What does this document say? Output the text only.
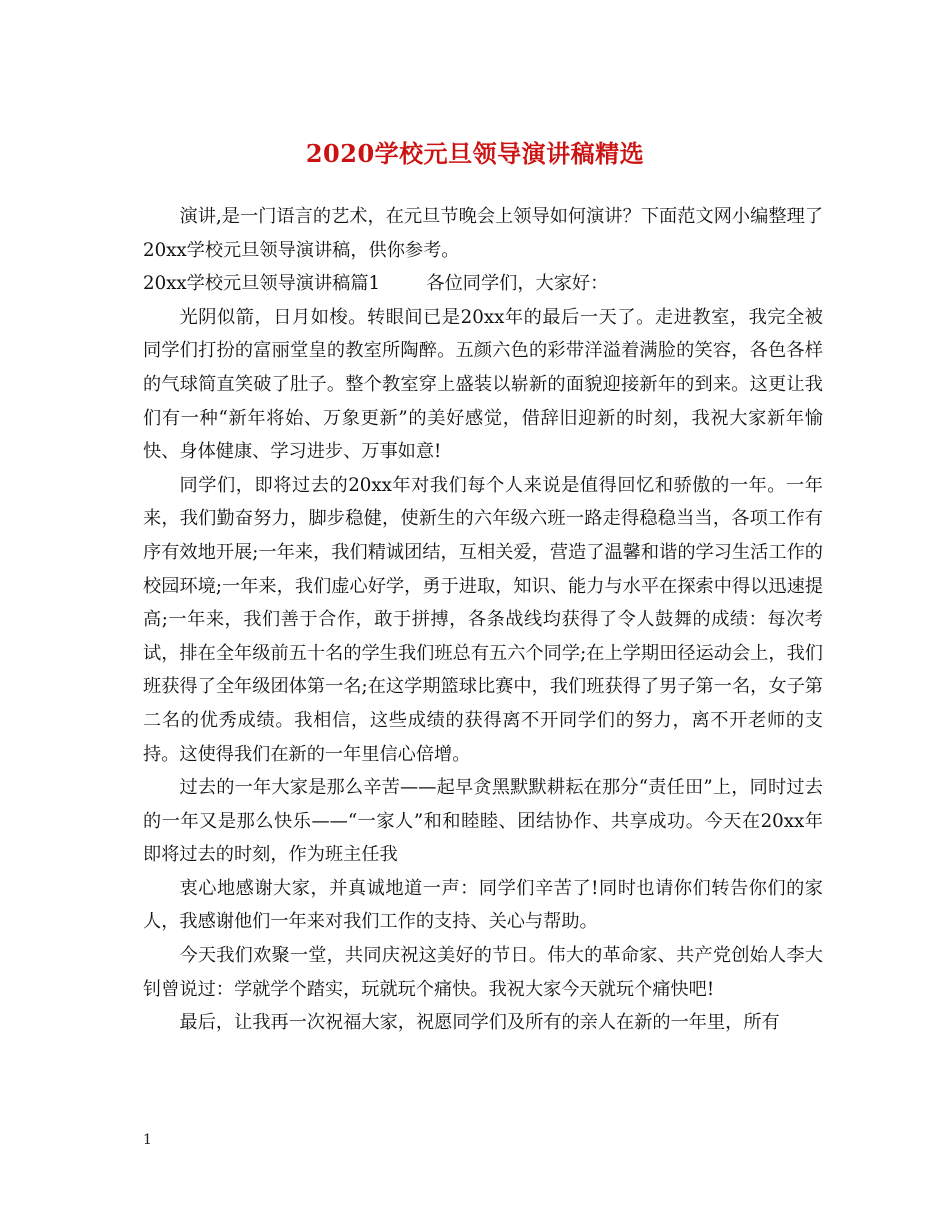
2020学校元旦领导演讲稿精选

演讲,是一门语言的艺术，在元旦节晚会上领导如何演讲？下面范文网小编整理了20xx学校元旦领导演讲稿，供你参考。

20xx学校元旦领导演讲稿篇1	各位同学们，大家好：

光阴似箭，日月如梭。转眼间已是20xx年的最后一天了。走进教室，我完全被同学们打扮的富丽堂皇的教室所陶醉。五颜六色的彩带洋溢着满脸的笑容，各色各样的气球简直笑破了肚子。整个教室穿上盛装以崭新的面貌迎接新年的到来。这更让我们有一种“新年将始、万象更新”的美好感觉，借辞旧迎新的时刻，我祝大家新年愉快、身体健康、学习进步、万事如意!

同学们，即将过去的20xx年对我们每个人来说是值得回忆和骄傲的一年。一年来，我们勤奋努力，脚步稳健，使新生的六年级六班一路走得稳稳当当，各项工作有序有效地开展;一年来，我们精诚团结，互相关爱，营造了温馨和谐的学习生活工作的校园环境;一年来，我们虚心好学，勇于进取，知识、能力与水平在探索中得以迅速提高;一年来，我们善于合作，敢于拼搏，各条战线均获得了令人鼓舞的成绩：每次考试，排在全年级前五十名的学生我们班总有五六个同学;在上学期田径运动会上，我们班获得了全年级团体第一名;在这学期篮球比赛中，我们班获得了男子第一名，女子第二名的优秀成绩。我相信，这些成绩的获得离不开同学们的努力，离不开老师的支持。这使得我们在新的一年里信心倍增。

过去的一年大家是那么辛苦——起早贪黑默默耕耘在那分“责任田”上，同时过去的一年又是那么快乐——“一家人”和和睦睦、团结协作、共享成功。今天在20xx年即将过去的时刻，作为班主任我

衷心地感谢大家，并真诚地道一声：同学们辛苦了!同时也请你们转告你们的家人，我感谢他们一年来对我们工作的支持、关心与帮助。

今天我们欢聚一堂，共同庆祝这美好的节日。伟大的革命家、共产党创始人李大钊曾说过：学就学个踏实，玩就玩个痛快。我祝大家今天就玩个痛快吧!

最后，让我再一次祝福大家，祝愿同学们及所有的亲人在新的一年里，所有

1
